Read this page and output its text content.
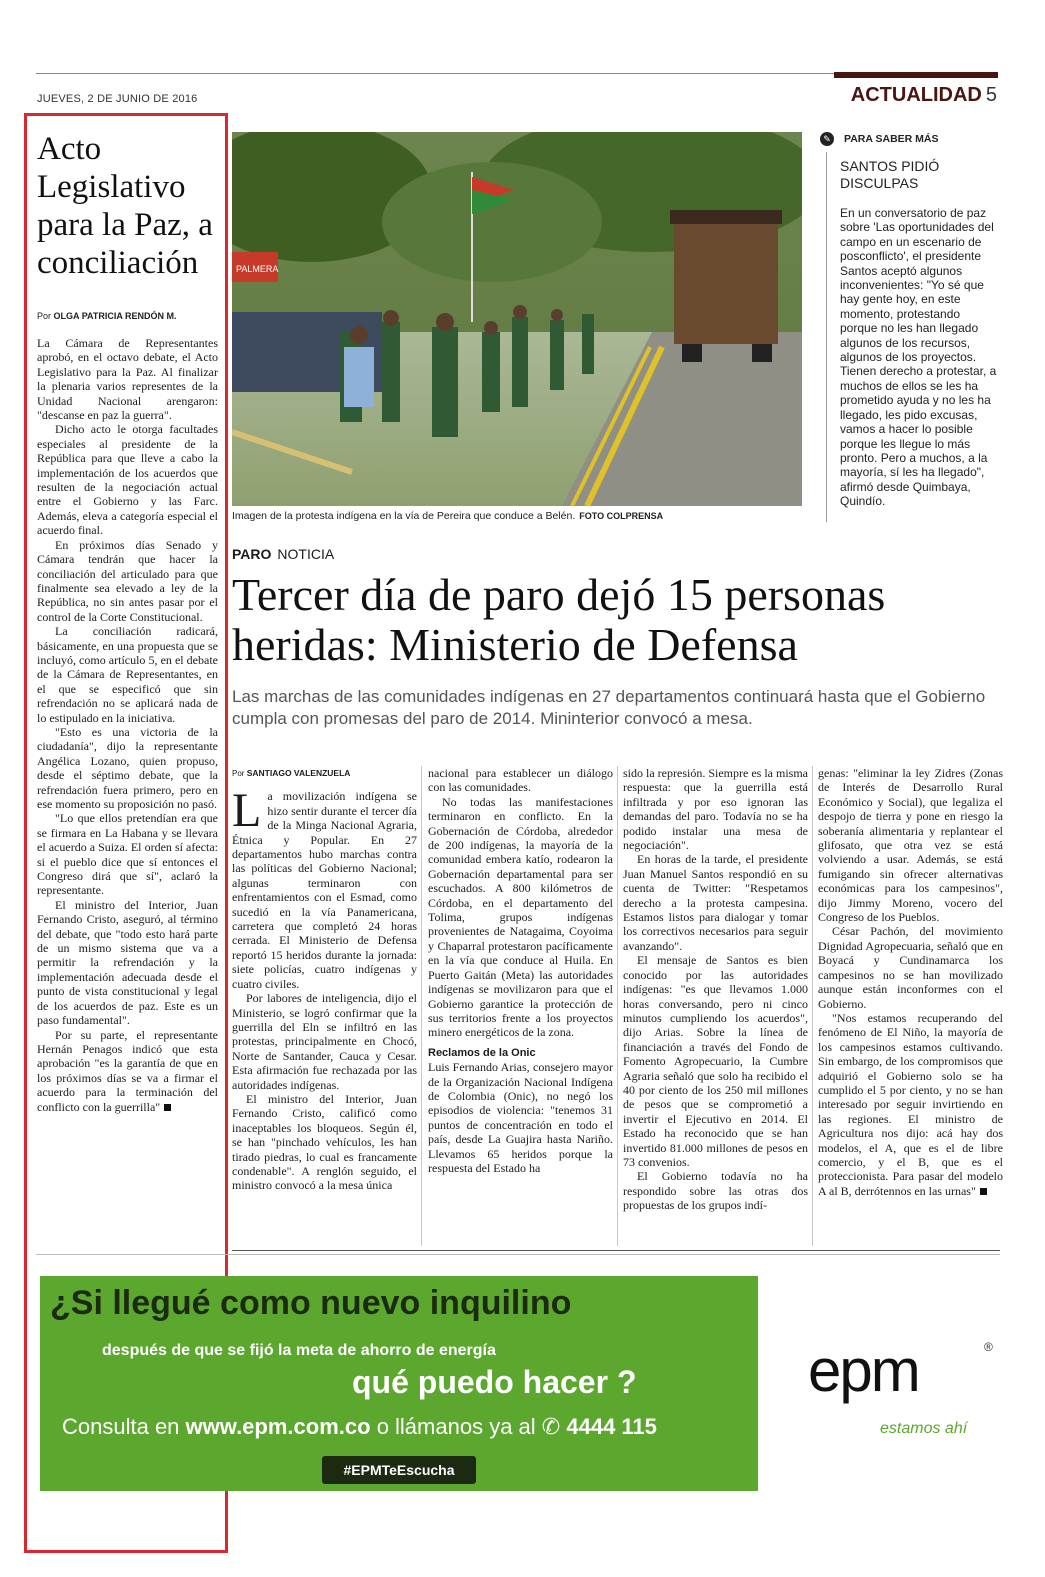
JUEVES, 2 DE JUNIO DE 2016	ACTUALIDAD 5
Acto Legislativo para la Paz, a conciliación
Por OLGA PATRICIA RENDÓN M.

La Cámara de Representantes aprobó, en el octavo debate, el Acto Legislativo para la Paz. Al finalizar la plenaria varios representes de la Unidad Nacional arengaron: "descanse en paz la guerra".

Dicho acto le otorga facultades especiales al presidente de la República para que lleve a cabo la implementación de los acuerdos que resulten de la negociación actual entre el Gobierno y las Farc. Además, eleva a categoría especial el acuerdo final.

En próximos días Senado y Cámara tendrán que hacer la conciliación del articulado para que finalmente sea elevado a ley de la República, no sin antes pasar por el control de la Corte Constitucional.

La conciliación radicará, básicamente, en una propuesta que se incluyó, como artículo 5, en el debate de la Cámara de Representantes, en el que se especificó que sin refrendación no se aplicará nada de lo estipulado en la iniciativa.

"Esto es una victoria de la ciudadanía", dijo la representante Angélica Lozano, quien propuso, desde el séptimo debate, que la refrendación fuera primero, pero en ese momento su proposición no pasó.

"Lo que ellos pretendían era que se firmara en La Habana y se llevara el acuerdo a Suiza. El orden sí afecta: si el pueblo dice que sí entonces el Congreso dirá que sí", aclaró la representante.

El ministro del Interior, Juan Fernando Cristo, aseguró, al término del debate, que "todo esto hará parte de un mismo sistema que va a permitir la refrendación y la implementación adecuada desde el punto de vista constitucional y legal de los acuerdos de paz. Este es un paso fundamental".

Por su parte, el representante Hernán Penagos indicó que esta aprobación "es la garantía de que en los próximos días se va a firmar el acuerdo para la terminación del conflicto con la guerrilla"

PALMERA
Imagen de la protesta indígena en la vía de Pereira que conduce a Belén. FOTO COLPRENSA
✎ PARA SABER MÁS
SANTOS PIDIÓ DISCULPAS
En un conversatorio de paz sobre 'Las oportunidades del campo en un escenario de posconflicto', el presidente Santos aceptó algunos inconvenientes: "Yo sé que hay gente hoy, en este momento, protestando porque no les han llegado algunos de los recursos, algunos de los proyectos. Tienen derecho a protestar, a muchos de ellos se les ha prometido ayuda y no les ha llegado, les pido excusas, vamos a hacer lo posible porque les llegue lo más pronto. Pero a muchos, a la mayoría, sí les ha llegado", afirmó desde Quimbaya, Quindío.
PARO NOTICIA
Tercer día de paro dejó 15 personas heridas: Ministerio de Defensa
Las marchas de las comunidades indígenas en 27 departamentos continuará hasta que el Gobierno cumpla con promesas del paro de 2014. Mininterior convocó a mesa.
Por SANTIAGO VALENZUELA

La movilización indígena se hizo sentir durante el tercer día de la Minga Nacional Agraria, Étnica y Popular. En 27 departamentos hubo marchas contra las políticas del Gobierno Nacional; algunas terminaron con enfrentamientos con el Esmad, como sucedió en la vía Panamericana, carretera que completó 24 horas cerrada. El Ministerio de Defensa reportó 15 heridos durante la jornada: siete policías, cuatro indígenas y cuatro civiles.

Por labores de inteligencia, dijo el Ministerio, se logró confirmar que la guerrilla del Eln se infiltró en las protestas, principalmente en Chocó, Norte de Santander, Cauca y Cesar. Esta afirmación fue rechazada por las autoridades indígenas.

El ministro del Interior, Juan Fernando Cristo, calificó como inaceptables los bloqueos. Según él, se han "pinchado vehículos, les han tirado piedras, lo cual es francamente condenable". A renglón seguido, el ministro convocó a la mesa única

nacional para establecer un diálogo con las comunidades.

No todas las manifestaciones terminaron en conflicto. En la Gobernación de Córdoba, alrededor de 200 indígenas, la mayoría de la comunidad embera katío, rodearon la Gobernación departamental para ser escuchados. A 800 kilómetros de Córdoba, en el departamento del Tolima, grupos indígenas provenientes de Natagaima, Coyoima y Chaparral protestaron pacíficamente en la vía que conduce al Huila. En Puerto Gaitán (Meta) las autoridades indígenas se movilizaron para que el Gobierno garantice la protección de sus territorios frente a los proyectos minero energéticos de la zona.

Reclamos de la Onic

Luis Fernando Arias, consejero mayor de la Organización Nacional Indígena de Colombia (Onic), no negó los episodios de violencia: "tenemos 31 puntos de concentración en todo el país, desde La Guajira hasta Nariño. Llevamos 65 heridos porque la respuesta del Estado ha

sido la represión. Siempre es la misma respuesta: que la guerrilla está infiltrada y por eso ignoran las demandas del paro. Todavía no se ha podido instalar una mesa de negociación".

En horas de la tarde, el presidente Juan Manuel Santos respondió en su cuenta de Twitter: "Respetamos derecho a la protesta campesina. Estamos listos para dialogar y tomar los correctivos necesarios para seguir avanzando".

El mensaje de Santos es bien conocido por las autoridades indígenas: "es que llevamos 1.000 horas conversando, pero ni cinco minutos cumpliendo los acuerdos", dijo Arias. Sobre la línea de financiación a través del Fondo de Fomento Agropecuario, la Cumbre Agraria señaló que solo ha recibido el 40 por ciento de los 250 mil millones de pesos que se comprometió a invertir el Ejecutivo en 2014. El Estado ha reconocido que se han invertido 81.000 millones de pesos en 73 convenios.

El Gobierno todavía no ha respondido sobre las otras dos propuestas de los grupos indí-

genas: "eliminar la ley Zidres (Zonas de Interés de Desarrollo Rural Económico y Social), que legaliza el despojo de tierra y pone en riesgo la soberanía alimentaria y replantear el glifosato, que otra vez se está volviendo a usar. Además, se está fumigando sin ofrecer alternativas económicas para los campesinos", dijo Jimmy Moreno, vocero del Congreso de los Pueblos.

César Pachón, del movimiento Dignidad Agropecuaria, señaló que en Boyacá y Cundinamarca los campesinos no se han movilizado aunque están inconformes con el Gobierno.

"Nos estamos recuperando del fenómeno de El Niño, la mayoría de los campesinos estamos cultivando. Sin embargo, de los compromisos que adquirió el Gobierno solo se ha cumplido el 5 por ciento, y no se han interesado por seguir invirtiendo en las regiones. El ministro de Agricultura nos dijo: acá hay dos modelos, el A, que es el de libre comercio, y el B, que es el proteccionista. Para pasar del modelo A al B, derrótennos en las urnas"

¿Si llegué como nuevo inquilino
después de que se fijó la meta de ahorro de energía
qué puedo hacer ?
Consulta en www.epm.com.co o llámanos ya al ✆ 4444 115
#EPMTeEscucha
epm	®
estamos ahí
